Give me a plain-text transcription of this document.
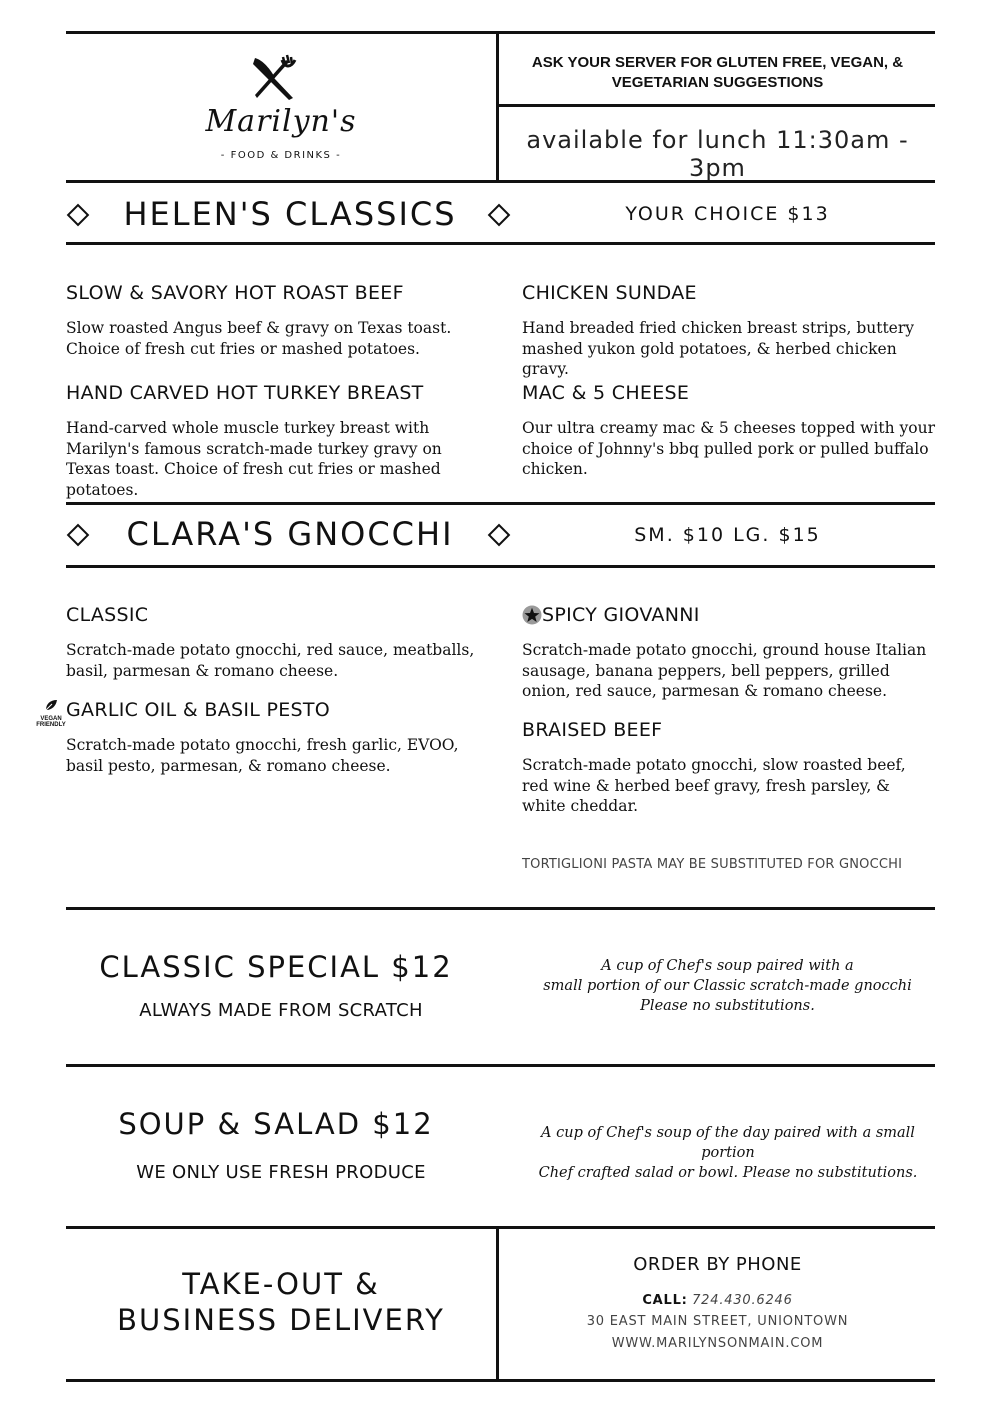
Marilyn's
- FOOD & DRINKS -
ASK YOUR SERVER FOR GLUTEN FREE, VEGAN, & VEGETARIAN SUGGESTIONS
available for lunch 11:30am - 3pm
HELEN'S CLASSICS	YOUR CHOICE $13
SLOW & SAVORY HOT ROAST BEEF
Slow roasted Angus beef & gravy on Texas toast. Choice of fresh cut fries or mashed potatoes.
CHICKEN SUNDAE
Hand breaded fried chicken breast strips, buttery mashed yukon gold potatoes, & herbed chicken gravy.
HAND CARVED HOT TURKEY BREAST
Hand-carved whole muscle turkey breast with Marilyn's famous scratch-made turkey gravy on Texas toast. Choice of fresh cut fries or mashed potatoes.
MAC & 5 CHEESE
Our ultra creamy mac & 5 cheeses topped with your choice of Johnny's bbq pulled pork or pulled buffalo chicken.
CLARA'S GNOCCHI	SM. $10 LG. $15
CLASSIC
Scratch-made potato gnocchi, red sauce, meatballs, basil, parmesan & romano cheese.
SPICY GIOVANNI
Scratch-made potato gnocchi, ground house Italian sausage, banana peppers, bell peppers, grilled onion, red sauce, parmesan & romano cheese.
VEGAN
FRIENDLY
GARLIC OIL & BASIL PESTO
Scratch-made potato gnocchi, fresh garlic, EVOO, basil pesto, parmesan, & romano cheese.
BRAISED BEEF
Scratch-made potato gnocchi, slow roasted beef, red wine & herbed beef gravy, fresh parsley, & white cheddar.
TORTIGLIONI PASTA MAY BE SUBSTITUTED FOR GNOCCHI
CLASSIC SPECIAL $12
ALWAYS MADE FROM SCRATCH
A cup of Chef's soup paired with a
small portion of our Classic scratch-made gnocchi
Please no substitutions.
SOUP & SALAD $12
WE ONLY USE FRESH PRODUCE
A cup of Chef's soup of the day paired with a small portion
Chef crafted salad or bowl. Please no substitutions.
TAKE-OUT &
BUSINESS DELIVERY
ORDER BY PHONE
CALL: 724.430.6246
30 EAST MAIN STREET, UNIONTOWN
WWW.MARILYNSONMAIN.COM
